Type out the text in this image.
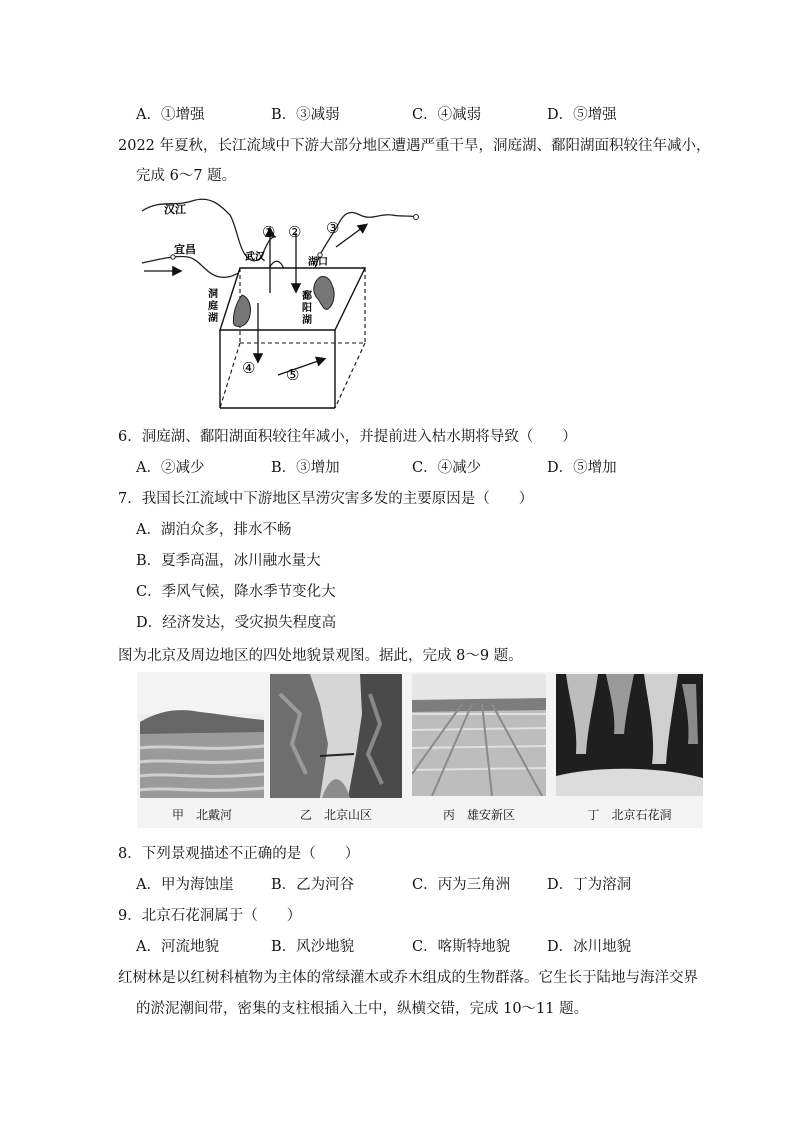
A．①增强	B．③减弱	C．④减弱	D．⑤增强
2022 年夏秋，长江流域中下游大部分地区遭遇严重干旱，洞庭湖、鄱阳湖面积较往年减小，
完成 6～7 题。
汉江
宜昌
武汉	湖口
洞庭湖
鄱阳湖
① ② ③
④ ⑤
6．洞庭湖、鄱阳湖面积较往年减小，并提前进入枯水期将导致（　　）
A．②减少	B．③增加	C．④减少	D．⑤增加
7．我国长江流域中下游地区旱涝灾害多发的主要原因是（　　）
A．湖泊众多，排水不畅
B．夏季高温，冰川融水量大
C．季风气候，降水季节变化大
D．经济发达，受灾损失程度高
图为北京及周边地区的四处地貌景观图。据此，完成 8～9 题。
甲　北戴河	乙　北京山区	丙　雄安新区	丁　北京石花洞
8．下列景观描述不正确的是（　　）
A．甲为海蚀崖	B．乙为河谷	C．丙为三角洲	D．丁为溶洞
9．北京石花洞属于（　　）
A．河流地貌	B．风沙地貌	C．喀斯特地貌	D．冰川地貌
红树林是以红树科植物为主体的常绿灌木或乔木组成的生物群落。它生长于陆地与海洋交界
的淤泥潮间带，密集的支柱根插入土中，纵横交错，完成 10～11 题。
